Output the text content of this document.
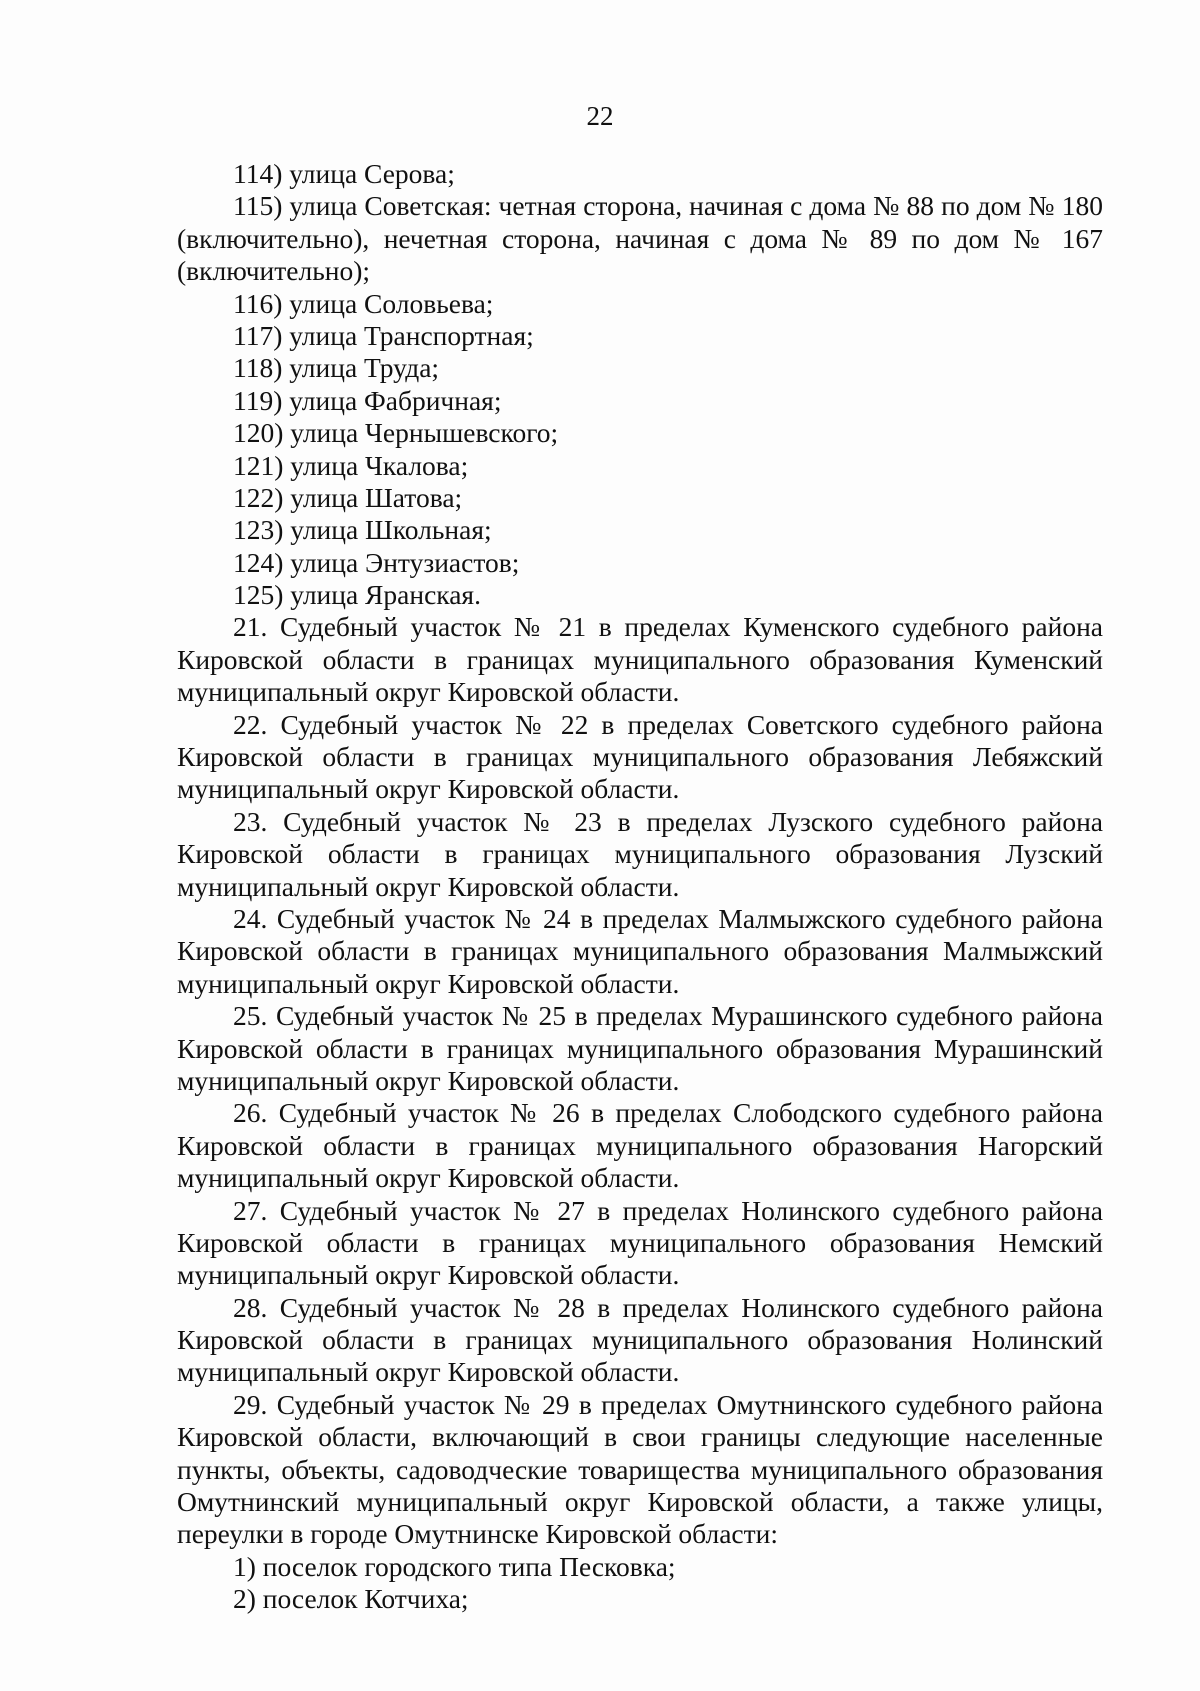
22
114) улица Серова;
115) улица Советская: четная сторона, начиная с дома № 88 по дом № 180
(включительно), нечетная сторона, начиная с дома № 89 по дом № 167
(включительно);
116) улица Соловьева;
117) улица Транспортная;
118) улица Труда;
119) улица Фабричная;
120) улица Чернышевского;
121) улица Чкалова;
122) улица Шатова;
123) улица Школьная;
124) улица Энтузиастов;
125) улица Яранская.
21. Судебный участок № 21 в пределах Куменского судебного района
Кировской области в границах муниципального образования Куменский
муниципальный округ Кировской области.
22. Судебный участок № 22 в пределах Советского судебного района
Кировской области в границах муниципального образования Лебяжский
муниципальный округ Кировской области.
23. Судебный участок № 23 в пределах Лузского судебного района
Кировской области в границах муниципального образования Лузский
муниципальный округ Кировской области.
24. Судебный участок № 24 в пределах Малмыжского судебного района
Кировской области в границах муниципального образования Малмыжский
муниципальный округ Кировской области.
25. Судебный участок № 25 в пределах Мурашинского судебного района
Кировской области в границах муниципального образования Мурашинский
муниципальный округ Кировской области.
26. Судебный участок № 26 в пределах Слободского судебного района
Кировской области в границах муниципального образования Нагорский
муниципальный округ Кировской области.
27. Судебный участок № 27 в пределах Нолинского судебного района
Кировской области в границах муниципального образования Немский
муниципальный округ Кировской области.
28. Судебный участок № 28 в пределах Нолинского судебного района
Кировской области в границах муниципального образования Нолинский
муниципальный округ Кировской области.
29. Судебный участок № 29 в пределах Омутнинского судебного района
Кировской области, включающий в свои границы следующие населенные
пункты, объекты, садоводческие товарищества муниципального образования
Омутнинский муниципальный округ Кировской области, а также улицы,
переулки в городе Омутнинске Кировской области:
1) поселок городского типа Песковка;
2) поселок Котчиха;
